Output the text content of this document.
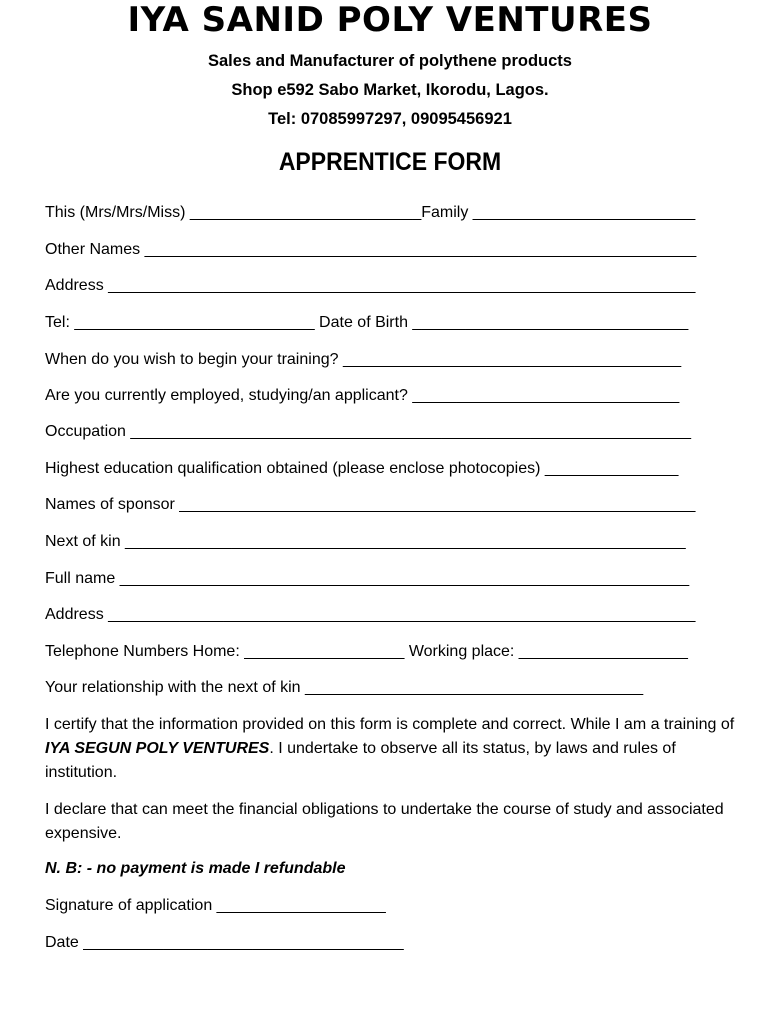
IYA SANID POLY VENTURES
Sales and Manufacturer of polythene products
Shop e592 Sabo Market, Ikorodu, Lagos.
Tel: 07085997297, 09095456921
APPRENTICE FORM
This (Mrs/Mrs/Miss) __________________________Family _________________________
Other Names ______________________________________________________________
Address __________________________________________________________________
Tel: ___________________________ Date of Birth _______________________________
When do you wish to begin your training? ______________________________________
Are you currently employed, studying/an applicant? ______________________________
Occupation _______________________________________________________________
Highest education qualification obtained (please enclose photocopies) _______________
Names of sponsor __________________________________________________________
Next of kin _______________________________________________________________
Full name ________________________________________________________________
Address __________________________________________________________________
Telephone Numbers Home: __________________ Working place: ___________________
Your relationship with the next of kin ______________________________________
I certify that the information provided on this form is complete and correct. While I am a training of IYA SEGUN POLY VENTURES. I undertake to observe all its status, by laws and rules of institution.
I declare that can meet the financial obligations to undertake the course of study and associated expensive.
N. B: - no payment is made I refundable
Signature of application ___________________
Date ____________________________________
